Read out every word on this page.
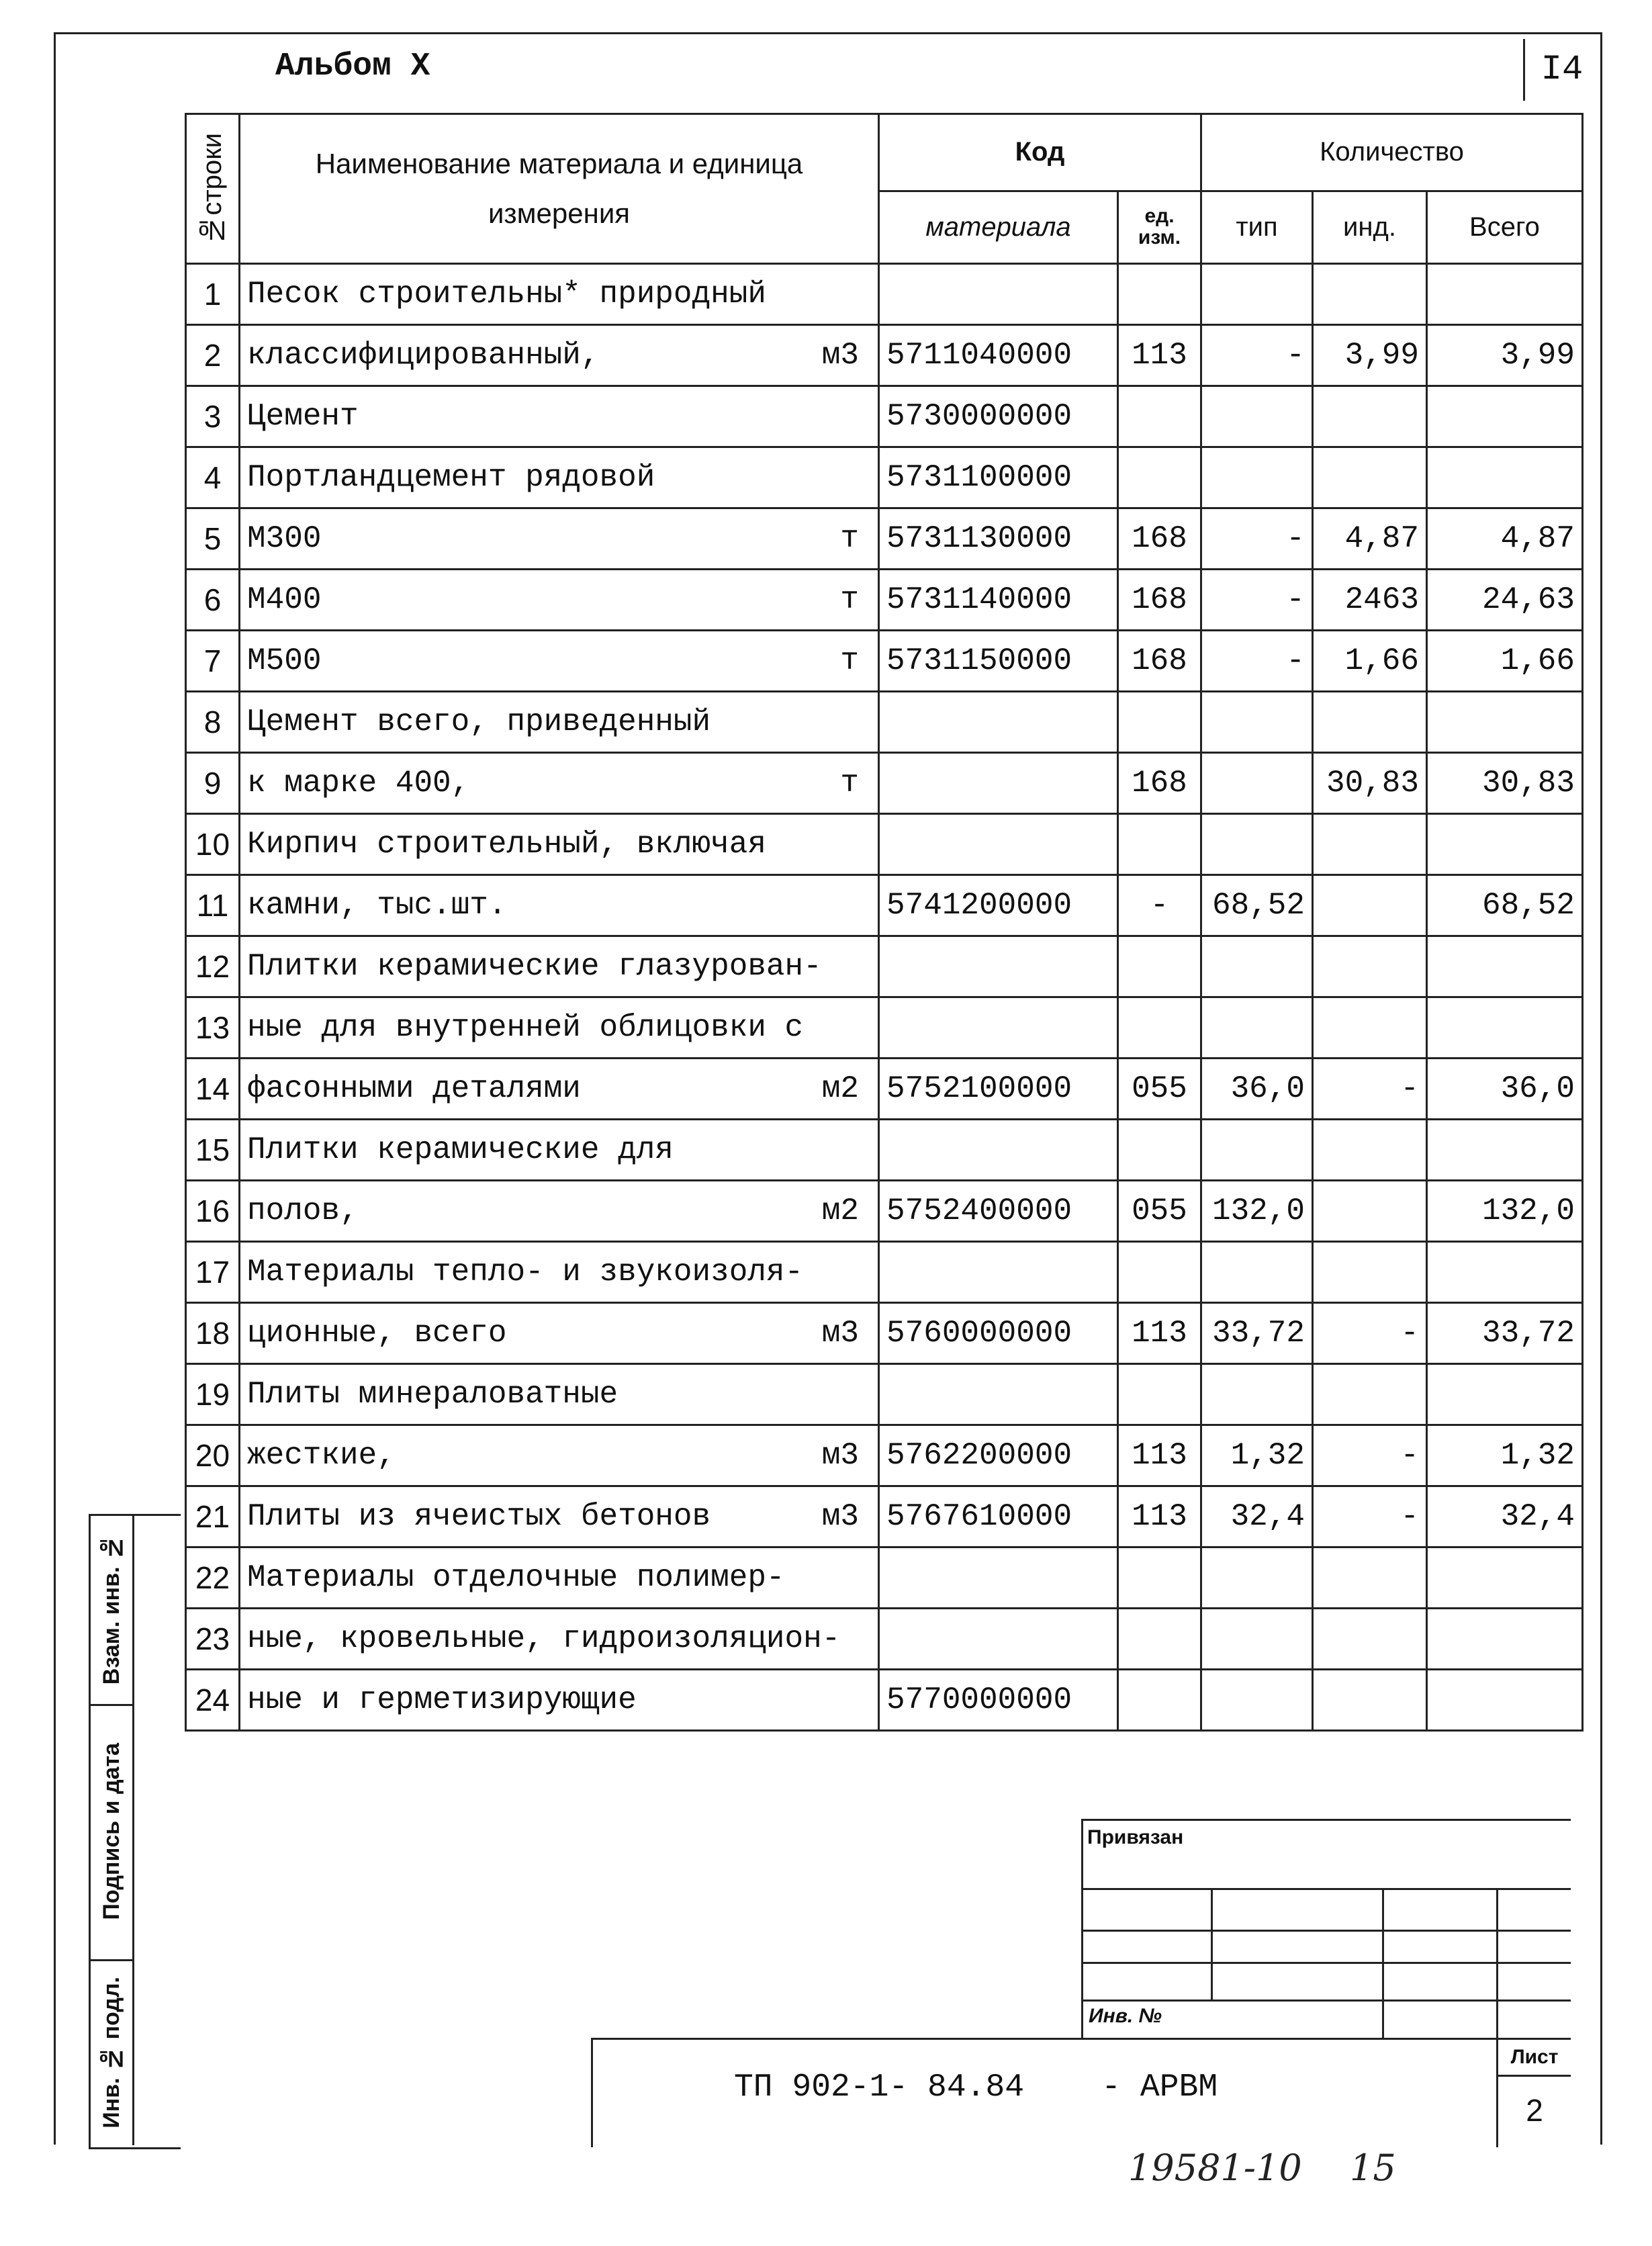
Альбом X	I4
№строки	Наименование материала и единица измерения	Код		Количество		
		материала	ед. изм.	тип	инд.	Всего
1	Песок строительны* природный

2	классифицированный, м3	5711040000	113	-	3,99	3,99
3	Цемент	5730000000				
4	Портландцемент рядовой	5731100000				
5	М300 т	5731130000	168	-	4,87	4,87
6	М400 т	5731140000	168	-	2463	24,63
7	М500 т	5731150000	168	-	1,66	1,66
8	Цемент всего, приведенный

9	к марке 400, т		168		30,83	30,83
10	Кирпич строительный, включая

11	камни, тыс.шт.	5741200000	-	68,52		68,52
12	Плитки керамические глазурован-

13	ные для внутренней облицовки с

14	фасонными деталями м2	5752100000	055	36,0	-	36,0
15	Плитки керамические для

16	полов, м2	5752400000	055	132,0		132,0
17	Материалы тепло- и звукоизоля-

18	ционные, всего м3	5760000000	113	33,72	-	33,72
19	Плиты минераловатные

20	жесткие, м3	5762200000	113	1,32	-	1,32
21	Плиты из ячеистых бетонов м3	5767610000	113	32,4	-	32,4
22	Материалы отделочные полимер-

23	ные, кровельные, гидроизоляцион-

24	ные и герметизирующие	5770000000				
Взам. инв. №
Подпись и дата
Инв. № подл.
Привязан
Инв. №
ТП 902-1- 84.84 - АРВМ
Лист
2
19581-10 15
